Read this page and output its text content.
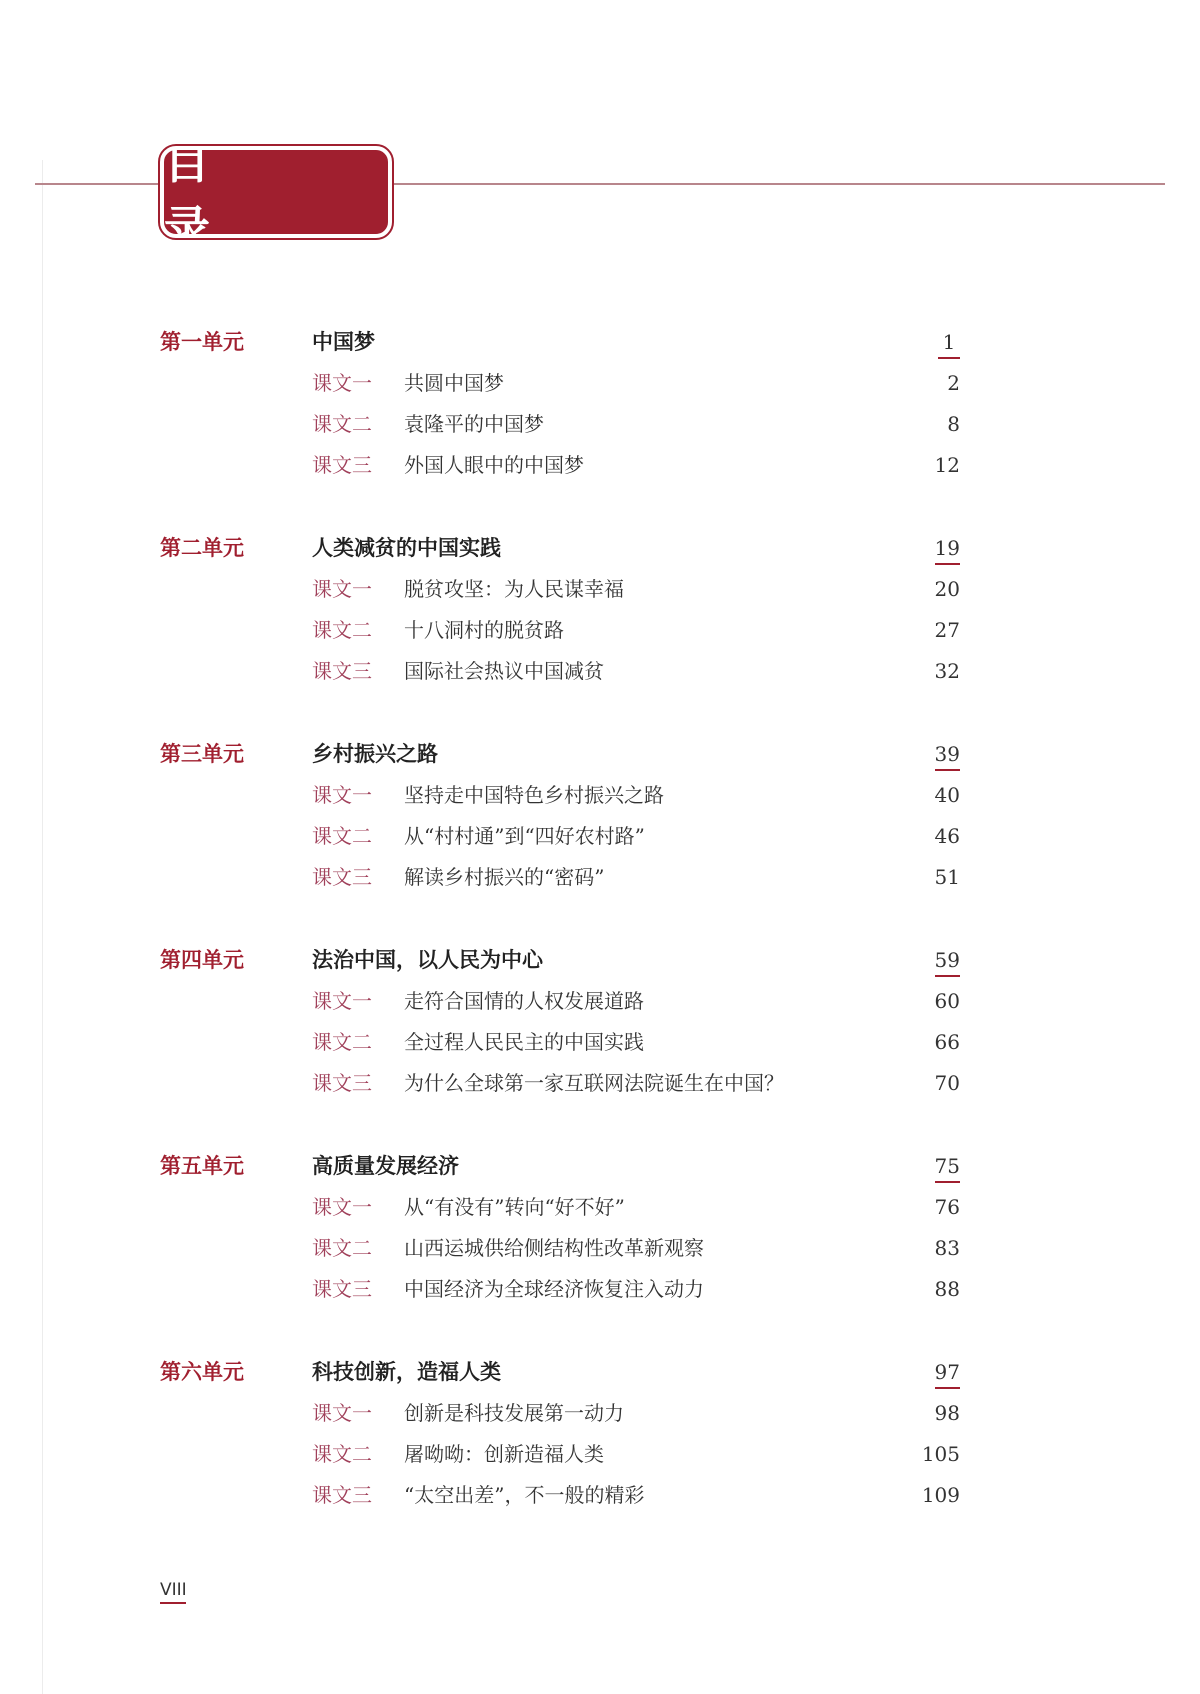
目　录
第一单元	中国梦	1
课文一 共圆中国梦	2
课文二 袁隆平的中国梦	8
课文三 外国人眼中的中国梦	12
第二单元	人类减贫的中国实践	19
课文一 脱贫攻坚：为人民谋幸福	20
课文二 十八洞村的脱贫路	27
课文三 国际社会热议中国减贫	32
第三单元	乡村振兴之路	39
课文一 坚持走中国特色乡村振兴之路	40
课文二 从“村村通”到“四好农村路”	46
课文三 解读乡村振兴的“密码”	51
第四单元	法治中国，以人民为中心	59
课文一 走符合国情的人权发展道路	60
课文二 全过程人民民主的中国实践	66
课文三 为什么全球第一家互联网法院诞生在中国？	70
第五单元	高质量发展经济	75
课文一 从“有没有”转向“好不好”	76
课文二 山西运城供给侧结构性改革新观察	83
课文三 中国经济为全球经济恢复注入动力	88
第六单元	科技创新，造福人类	97
课文一 创新是科技发展第一动力	98
课文二 屠呦呦：创新造福人类	105
课文三 “太空出差”，不一般的精彩	109
VIII
